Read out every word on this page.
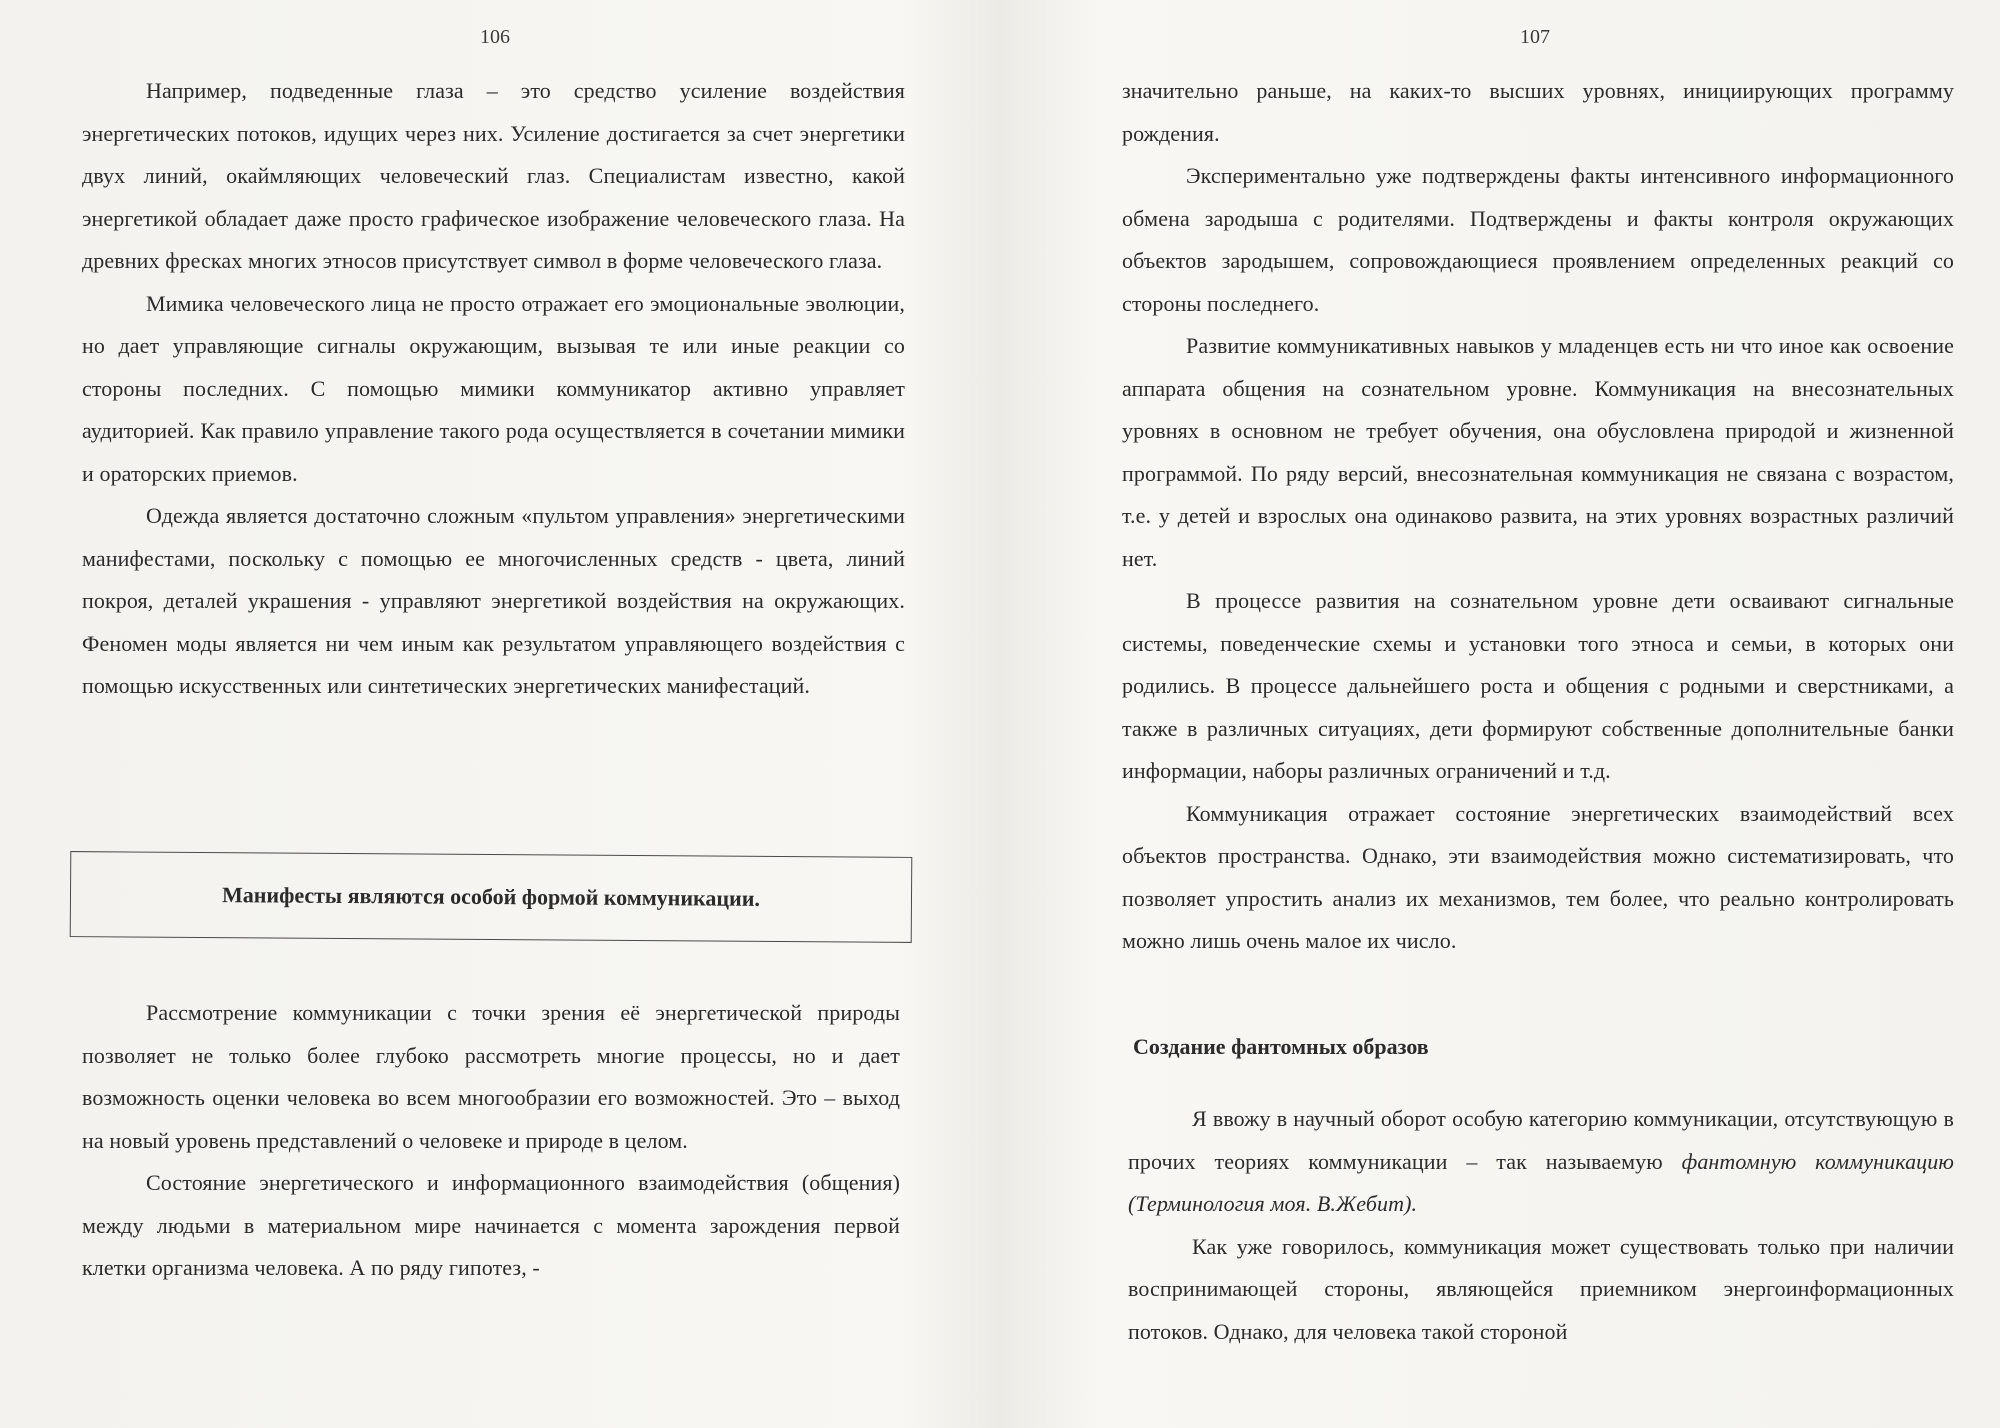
106

Например, подведенные глаза – это средство усиление воздействия энергетических потоков, идущих через них. Усиление достигается за счет энергетики двух линий, окаймляющих человеческий глаз. Специалистам известно, какой энергетикой обладает даже просто графическое изображение человеческого глаза. На древних фресках многих этносов присутствует символ в форме человеческого глаза.

Мимика человеческого лица не просто отражает его эмоциональные эволюции, но дает управляющие сигналы окружающим, вызывая те или иные реакции со стороны последних. С помощью мимики коммуникатор активно управляет аудиторией. Как правило управление такого рода осуществляется в сочетании мимики и ораторских приемов.

Одежда является достаточно сложным «пультом управления» энергетическими манифестами, поскольку с помощью ее многочисленных средств - цвета, линий покроя, деталей украшения - управляют энергетикой воздействия на окружающих. Феномен моды является ни чем иным как результатом управляющего воздействия с помощью искусственных или синтетических энергетических манифестаций.

Манифесты являются особой формой коммуникации.

Рассмотрение коммуникации с точки зрения её энергетической природы позволяет не только более глубоко рассмотреть многие процессы, но и дает возможность оценки человека во всем многообразии его возможностей. Это – выход на новый уровень представлений о человеке и природе в целом.

Состояние энергетического и информационного взаимодействия (общения) между людьми в материальном мире начинается с момента зарождения первой клетки организма человека. А по ряду гипотез, -

107

значительно раньше, на каких-то высших уровнях, инициирующих программу рождения.

Экспериментально уже подтверждены факты интенсивного информационного обмена зародыша с родителями. Подтверждены и факты контроля окружающих объектов зародышем, сопровождающиеся проявлением определенных реакций со стороны последнего.

Развитие коммуникативных навыков у младенцев есть ни что иное как освоение аппарата общения на сознательном уровне. Коммуникация на внесознательных уровнях в основном не требует обучения, она обусловлена природой и жизненной программой. По ряду версий, внесознательная коммуникация не связана с возрастом, т.е. у детей и взрослых она одинаково развита, на этих уровнях возрастных различий нет.

В процессе развития на сознательном уровне дети осваивают сигнальные системы, поведенческие схемы и установки того этноса и семьи, в которых они родились. В процессе дальнейшего роста и общения с родными и сверстниками, а также в различных ситуациях, дети формируют собственные дополнительные банки информации, наборы различных ограничений и т.д.

Коммуникация отражает состояние энергетических взаимодействий всех объектов пространства. Однако, эти взаимодействия можно систематизировать, что позволяет упростить анализ их механизмов, тем более, что реально контролировать можно лишь очень малое их число.

Создание фантомных образов

Я ввожу в научный оборот особую категорию коммуникации, отсутствующую в прочих теориях коммуникации – так называемую фантомную коммуникацию (Терминология моя. В.Жебит).

Как уже говорилось, коммуникация может существовать только при наличии воспринимающей стороны, являющейся приемником энергоинформационных потоков. Однако, для человека такой стороной
